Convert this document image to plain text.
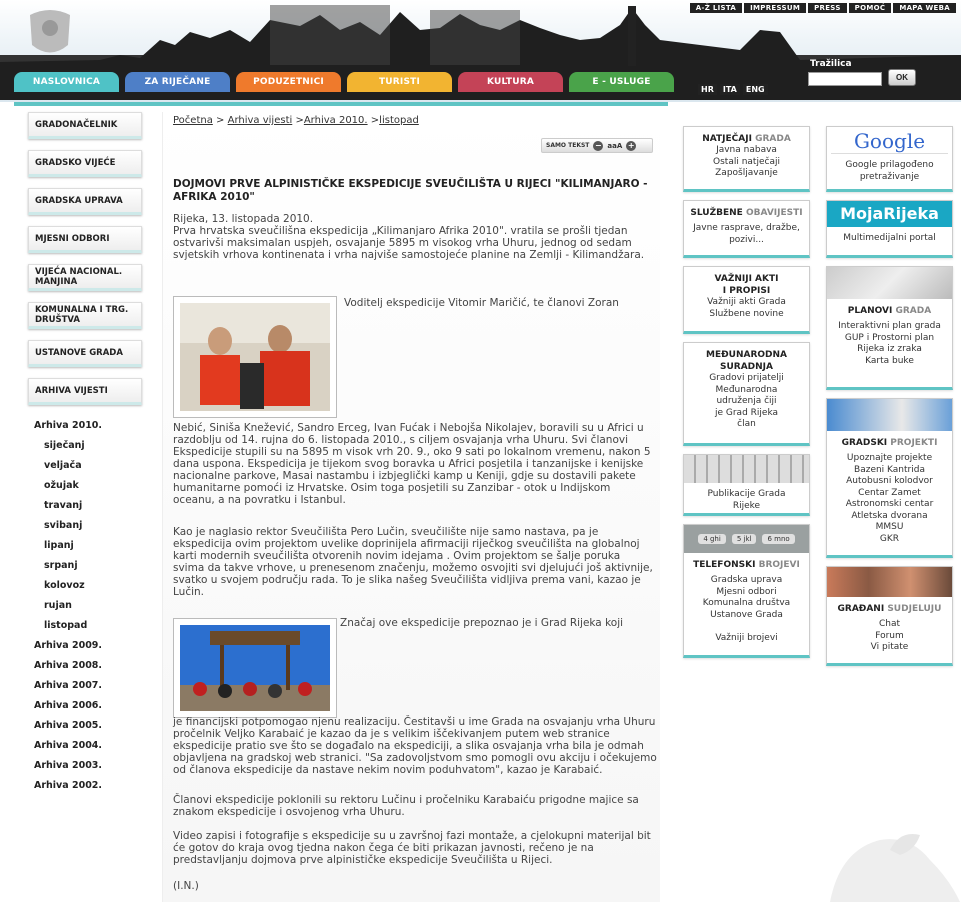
A-Ž LISTA	IMPRESSUM	PRESS	POMOĆ	MAPA WEBA
NASLOVNICA	ZA RIJEČANE	PODUZETNICI	TURISTI	KULTURA	E - USLUGE
HR	ITA	ENG
Tražilica
OK
GRADONAČELNIK
GRADSKO VIJEĆE
GRADSKA UPRAVA
MJESNI ODBORI
VIJEĆA NACIONAL. MANJINA
KOMUNALNA I TRG. DRUŠTVA
USTANOVE GRADA
ARHIVA VIJESTI
Arhiva 2010.
siječanj
veljača
ožujak
travanj
svibanj
lipanj
srpanj
kolovoz
rujan
listopad
Arhiva 2009.
Arhiva 2008.
Arhiva 2007.
Arhiva 2006.
Arhiva 2005.
Arhiva 2004.
Arhiva 2003.
Arhiva 2002.
Početna > Arhiva vijesti >Arhiva 2010. >listopad
SAMO TEKST − aaA +
DOJMOVI PRVE ALPINISTIČKE EKSPEDICIJE SVEUČILIŠTA U RIJECI "KILIMANJARO - AFRIKA 2010"
Rijeka, 13. listopada 2010.
Prva hrvatska sveučilišna ekspedicija „Kilimanjaro Afrika 2010". vratila se prošli tjedan ostvarivši maksimalan uspjeh, osvajanje 5895 m visokog vrha Uhuru, jednog od sedam svjetskih vrhova kontinenata i vrha najviše samostojeće planine na Zemlji - Kilimandžara.
Voditelj ekspedicije Vitomir Maričić, te članovi Zoran
Nebić, Siniša Knežević, Sandro Erceg, Ivan Fućak i Nebojša Nikolajev, boravili su u Africi u razdoblju od 14. rujna do 6. listopada 2010., s ciljem osvajanja vrha Uhuru. Svi članovi Ekspedicije stupili su na 5895 m visok vrh 20. 9., oko 9 sati po lokalnom vremenu, nakon 5 dana uspona. Ekspedicija je tijekom svog boravka u Africi posjetila i tanzanijske i kenijske nacionalne parkove, Masai nastambu i izbjeglički kamp u Keniji, gdje su dostavili pakete humanitarne pomoći iz Hrvatske. Osim toga posjetili su Zanzibar - otok u Indijskom oceanu, a na povratku i Istanbul.
Kao je naglasio rektor Sveučilišta Pero Lučin, sveučilište nije samo nastava, pa je ekspedicija ovim projektom uvelike doprinijela afirmaciji riječkog sveučilišta na globalnoj karti modernih sveučilišta otvorenih novim idejama . Ovim projektom se šalje poruka svima da takve vrhove, u prenesenom značenju, možemo osvojiti svi djelujući još aktivnije, svatko u svojem području rada. To je slika našeg Sveučilišta vidljiva prema vani, kazao je Lučin.
Značaj ove ekspedicije prepoznao je i Grad Rijeka koji
je financijski potpomogao njenu realizaciju. Čestitavši u ime Grada na osvajanju vrha Uhuru pročelnik Veljko Karabaić je kazao da je s velikim iščekivanjem putem web stranice ekspedicije pratio sve što se događalo na ekspediciji, a slika osvajanja vrha bila je odmah objavljena na gradskoj web stranici. "Sa zadovoljstvom smo pomogli ovu akciju i očekujemo od članova ekspedicije da nastave nekim novim poduhvatom", kazao je Karabaić.
Članovi ekspedicije poklonili su rektoru Lučinu i pročelniku Karabaiću prigodne majice sa znakom ekspedicije i osvojenog vrha Uhuru.
Video zapisi i fotografije s ekspedicije su u završnoj fazi montaže, a cjelokupni materijal bit će gotov do kraja ovog tjedna nakon čega će biti prikazan javnosti, rečeno je na predstavljanju dojmova prve alpinističke ekspedicije Sveučilišta u Rijeci.
(I.N.)
NATJEČAJI GRADA

Javna nabava

Ostali natječaji

Zapošljavanje

SLUŽBENE OBAVIJESTI

Javne rasprave, dražbe,

pozivi...

VAŽNIJI AKTI
I PROPISI

Važniji akti Grada

Službene novine

MEĐUNARODNA
SURADNJA

Gradovi prijatelji

Međunarodna

udruženja čiji

je Grad Rijeka

član

Publikacije Grada

Rijeke

4 ghi	5 jkl	6 mno
TELEFONSKI BROJEVI

Gradska uprava

Mjesni odbori

Komunalna društva

Ustanove Grada

Važniji brojevi

Google

Google prilagođeno

pretraživanje

MojaRijeka

Multimedijalni portal

PLANOVI GRADA

Interaktivni plan grada

GUP i Prostorni plan

Rijeka iz zraka

Karta buke

GRADSKI PROJEKTI

Upoznajte projekte

Bazeni Kantrida

Autobusni kolodvor

Centar Zamet

Astronomski centar

Atletska dvorana

MMSU

GKR

GRAĐANI SUDJELUJU

Chat

Forum

Vi pitate
